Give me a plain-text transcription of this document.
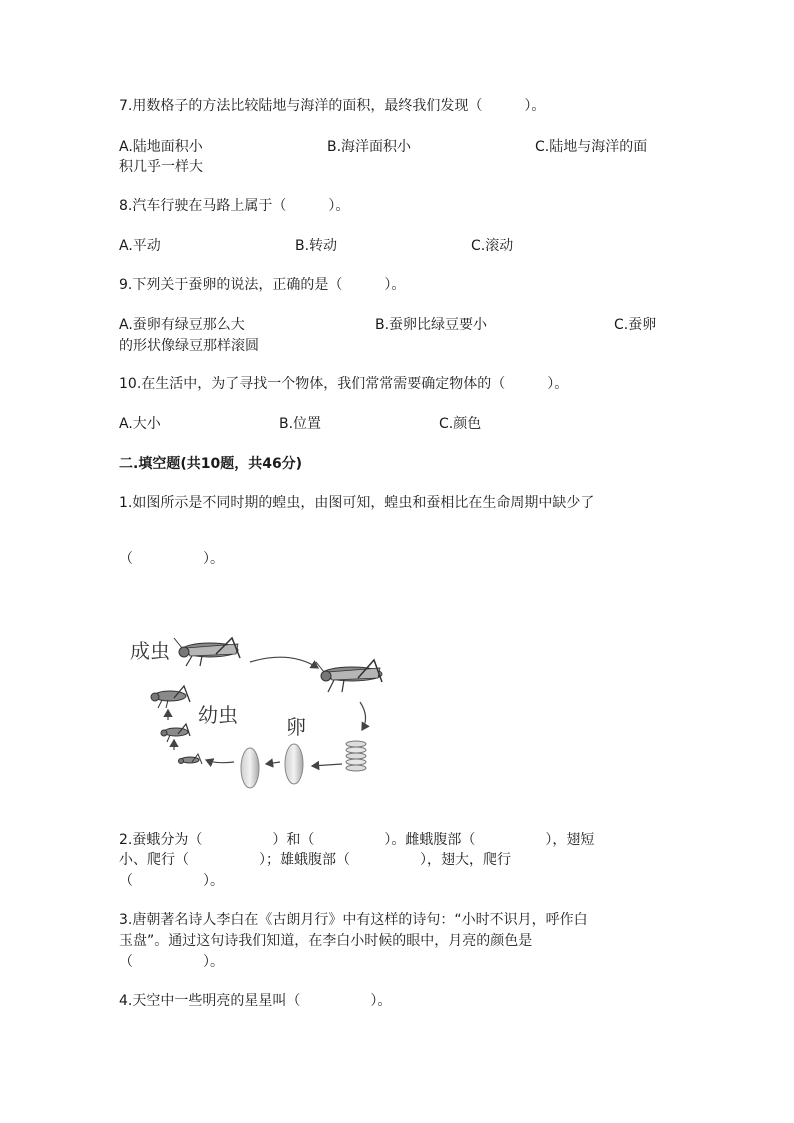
7.用数格子的方法比较陆地与海洋的面积，最终我们发现（　　　）。
A.陆地面积小	B.海洋面积小	C.陆地与海洋的面
积几乎一样大
8.汽车行驶在马路上属于（　　　）。
A.平动	B.转动	C.滚动
9.下列关于蚕卵的说法，正确的是（　　　）。
A.蚕卵有绿豆那么大	B.蚕卵比绿豆要小	C.蚕卵
的形状像绿豆那样滚圆
10.在生活中，为了寻找一个物体，我们常常需要确定物体的（　　　）。
A.大小	B.位置	C.颜色
二.填空题(共10题，共46分)
1.如图所示是不同时期的蝗虫，由图可知，蝗虫和蚕相比在生命周期中缺少了
（　　　　　）。
成虫
幼虫 卵
2.蚕蛾分为（　　　　　）和（　　　　　）。雌蛾腹部（　　　　　），翅短
小、爬行（　　　　　）；雄蛾腹部（　　　　　），翅大，爬行
（　　　　　）。
3.唐朝著名诗人李白在《古朗月行》中有这样的诗句：“小时不识月，呼作白
玉盘”。通过这句诗我们知道，在李白小时候的眼中，月亮的颜色是
（　　　　　）。
4.天空中一些明亮的星星叫（　　　　　）。
